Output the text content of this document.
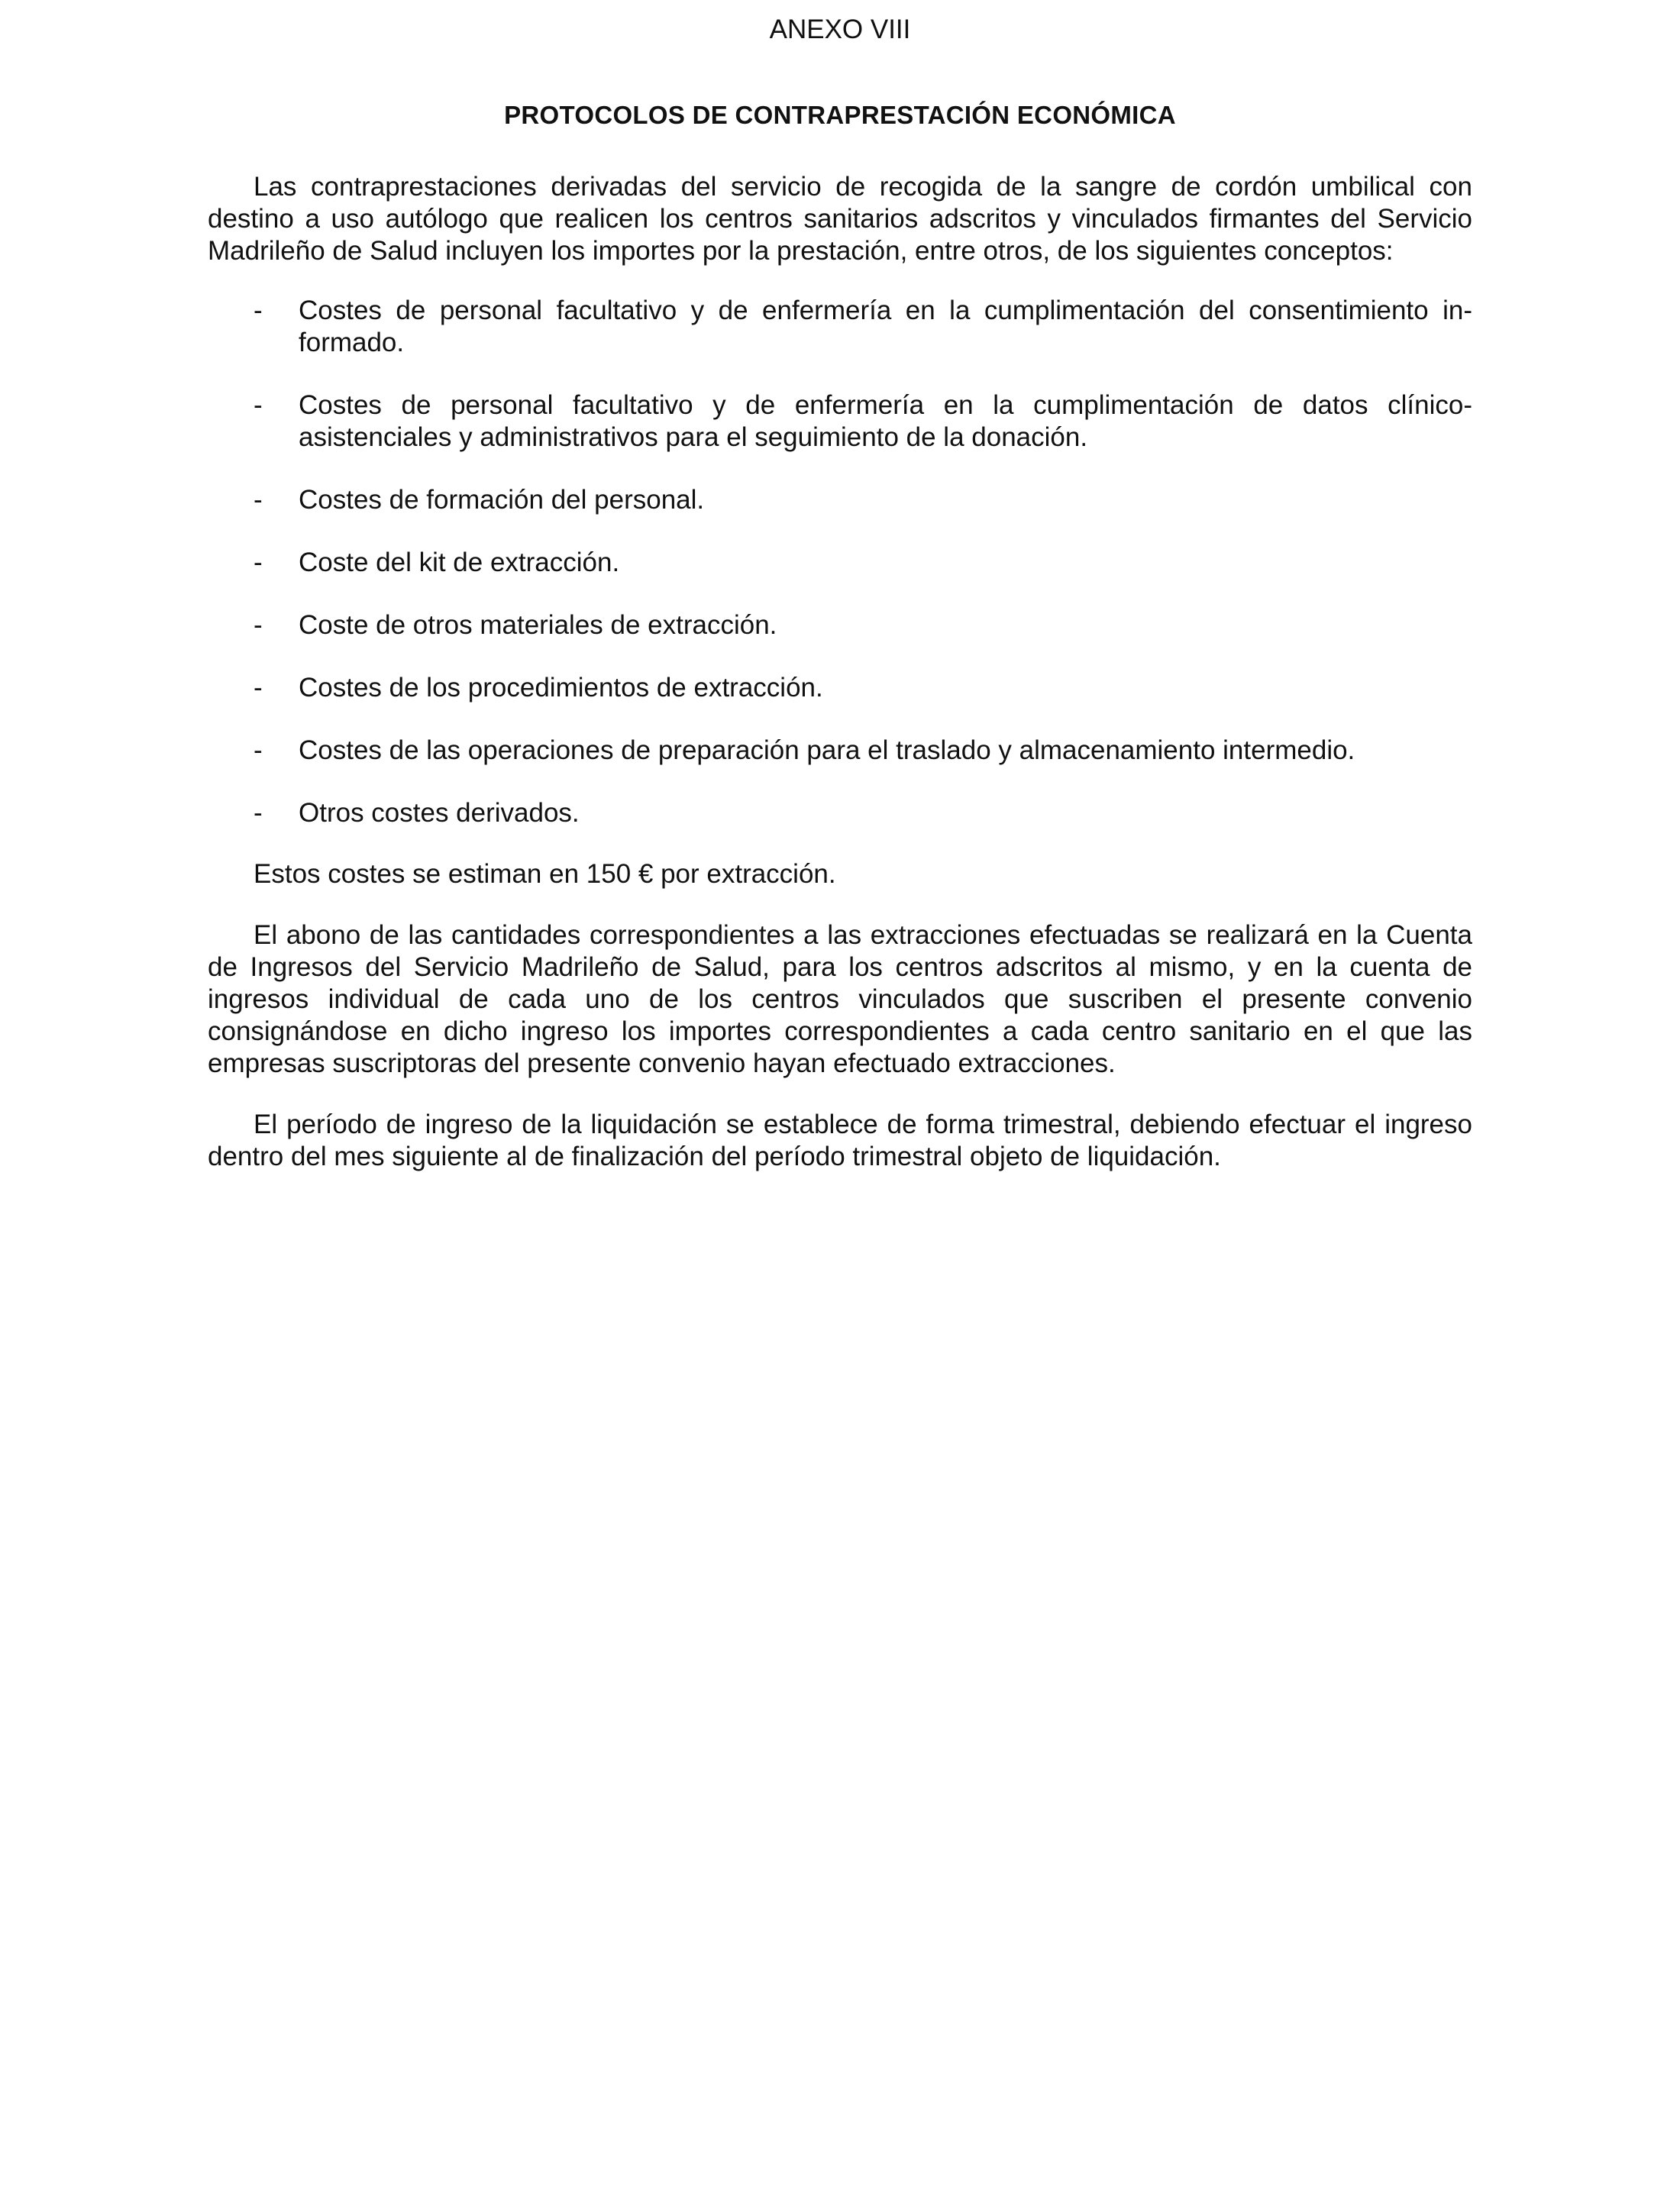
ANEXO VIII
PROTOCOLOS DE CONTRAPRESTACIÓN ECONÓMICA

Las contraprestaciones derivadas del servicio de recogida de la sangre de cordón umbilical con destino a uso autólogo que realicen los centros sanitarios adscritos y vinculados firmantes del Servicio Madrileño de Salud incluyen los importes por la prestación, entre otros, de los siguientes conceptos:

- Costes de personal facultativo y de enfermería en la cumplimentación del consentimiento informado.
- Costes de personal facultativo y de enfermería en la cumplimentación de datos clínico-asistenciales y administrativos para el seguimiento de la donación.
- Costes de formación del personal.
- Coste del kit de extracción.
- Coste de otros materiales de extracción.
- Costes de los procedimientos de extracción.
- Costes de las operaciones de preparación para el traslado y almacenamiento intermedio.
- Otros costes derivados.

Estos costes se estiman en 150 € por extracción.

El abono de las cantidades correspondientes a las extracciones efectuadas se realizará en la Cuenta de Ingresos del Servicio Madrileño de Salud, para los centros adscritos al mismo, y en la cuenta de ingresos individual de cada uno de los centros vinculados que suscriben el presente convenio consignándose en dicho ingreso los importes correspondientes a cada centro sanitario en el que las empresas suscriptoras del presente convenio hayan efectuado extracciones.

El período de ingreso de la liquidación se establece de forma trimestral, debiendo efectuar el ingreso dentro del mes siguiente al de finalización del período trimestral objeto de liquidación.
